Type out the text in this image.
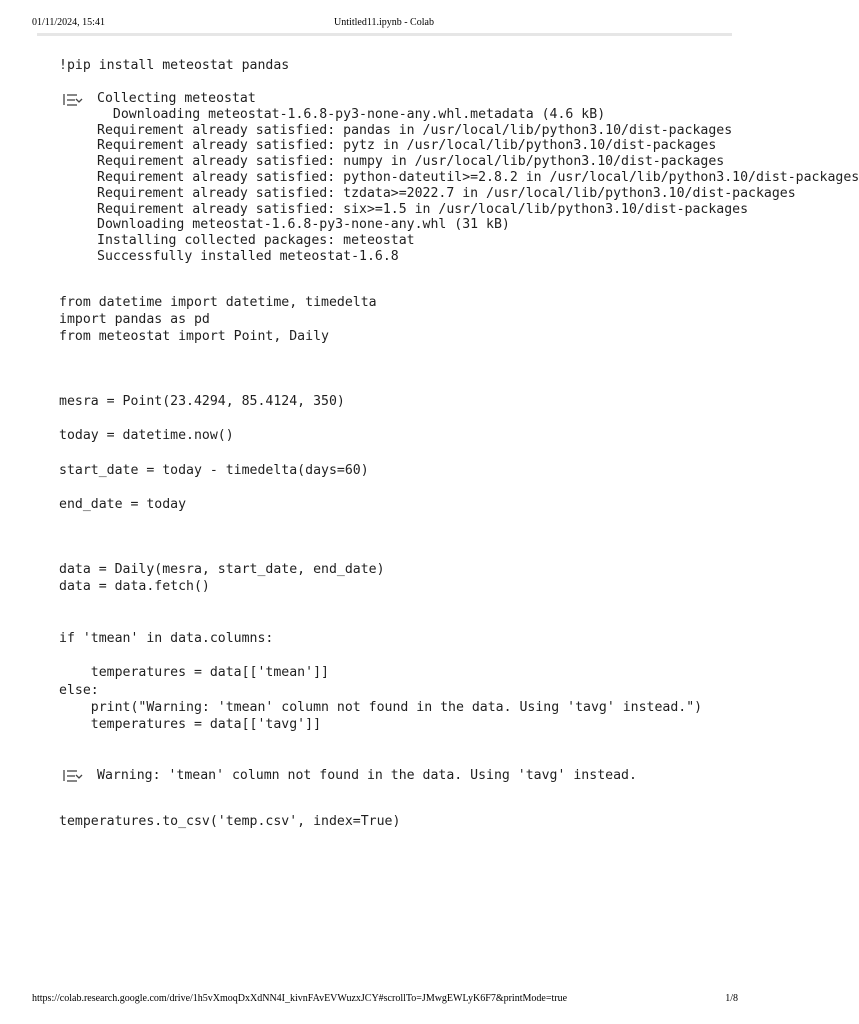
01/11/2024, 15:41	Untitled11.ipynb - Colab
!pip install meteostat pandas
Collecting meteostat
Downloading meteostat-1.6.8-py3-none-any.whl.metadata (4.6 kB)
Requirement already satisfied: pandas in /usr/local/lib/python3.10/dist-packages
Requirement already satisfied: pytz in /usr/local/lib/python3.10/dist-packages
Requirement already satisfied: numpy in /usr/local/lib/python3.10/dist-packages
Requirement already satisfied: python-dateutil>=2.8.2 in /usr/local/lib/python3.10/dist-packages
Requirement already satisfied: tzdata>=2022.7 in /usr/local/lib/python3.10/dist-packages
Requirement already satisfied: six>=1.5 in /usr/local/lib/python3.10/dist-packages
Downloading meteostat-1.6.8-py3-none-any.whl (31 kB)
Installing collected packages: meteostat
Successfully installed meteostat-1.6.8
from datetime import datetime, timedelta
import pandas as pd
from meteostat import Point, Daily
mesra = Point(23.4294, 85.4124, 350)

today = datetime.now()

start_date = today - timedelta(days=60)

end_date = today
data = Daily(mesra, start_date, end_date)
data = data.fetch()
if 'tmean' in data.columns:

temperatures = data[['tmean']]
else:
print("Warning: 'tmean' column not found in the data. Using 'tavg' instead.")
temperatures = data[['tavg']]
Warning: 'tmean' column not found in the data. Using 'tavg' instead.
temperatures.to_csv('temp.csv', index=True)
https://colab.research.google.com/drive/1h5vXmoqDxXdNN4I_kivnFAvEVWuzxJCY#scrollTo=JMwgEWLyK6F7&printMode=true	1/8
